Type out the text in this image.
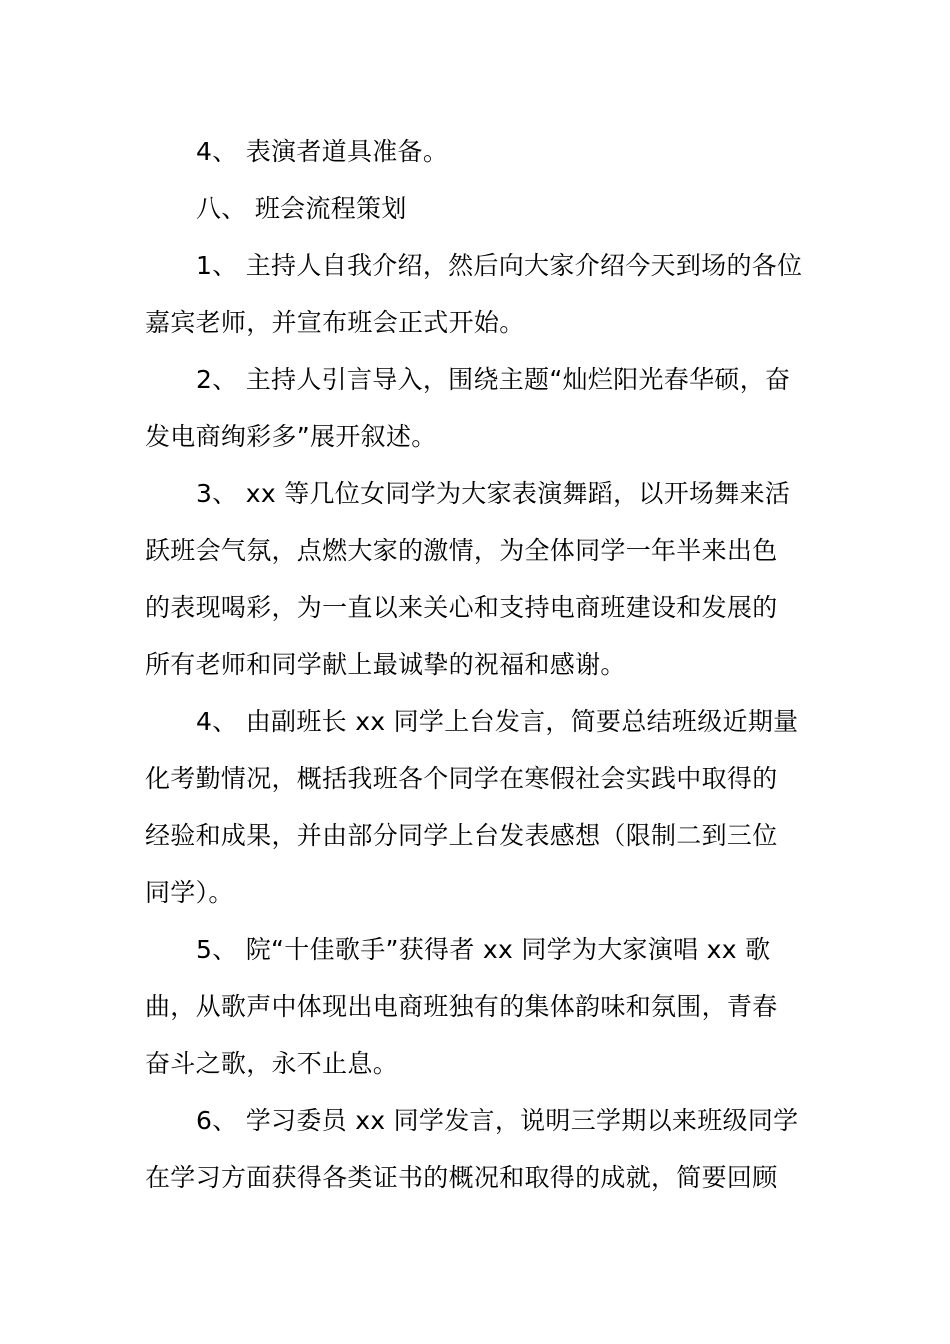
4、 表演者道具准备。
八、 班会流程策划
1、 主持人自我介绍，然后向大家介绍今天到场的各位
嘉宾老师，并宣布班会正式开始。
2、 主持人引言导入，围绕主题“灿烂阳光春华硕，奋
发电商绚彩多”展开叙述。
3、 xx 等几位女同学为大家表演舞蹈，以开场舞来活
跃班会气氛，点燃大家的激情，为全体同学一年半来出色
的表现喝彩，为一直以来关心和支持电商班建设和发展的
所有老师和同学献上最诚挚的祝福和感谢。
4、 由副班长 xx 同学上台发言，简要总结班级近期量
化考勤情况，概括我班各个同学在寒假社会实践中取得的
经验和成果，并由部分同学上台发表感想（限制二到三位
同学）。
5、 院“十佳歌手”获得者 xx 同学为大家演唱 xx 歌
曲，从歌声中体现出电商班独有的集体韵味和氛围，青春
奋斗之歌，永不止息。
6、 学习委员 xx 同学发言，说明三学期以来班级同学
在学习方面获得各类证书的概况和取得的成就，简要回顾
